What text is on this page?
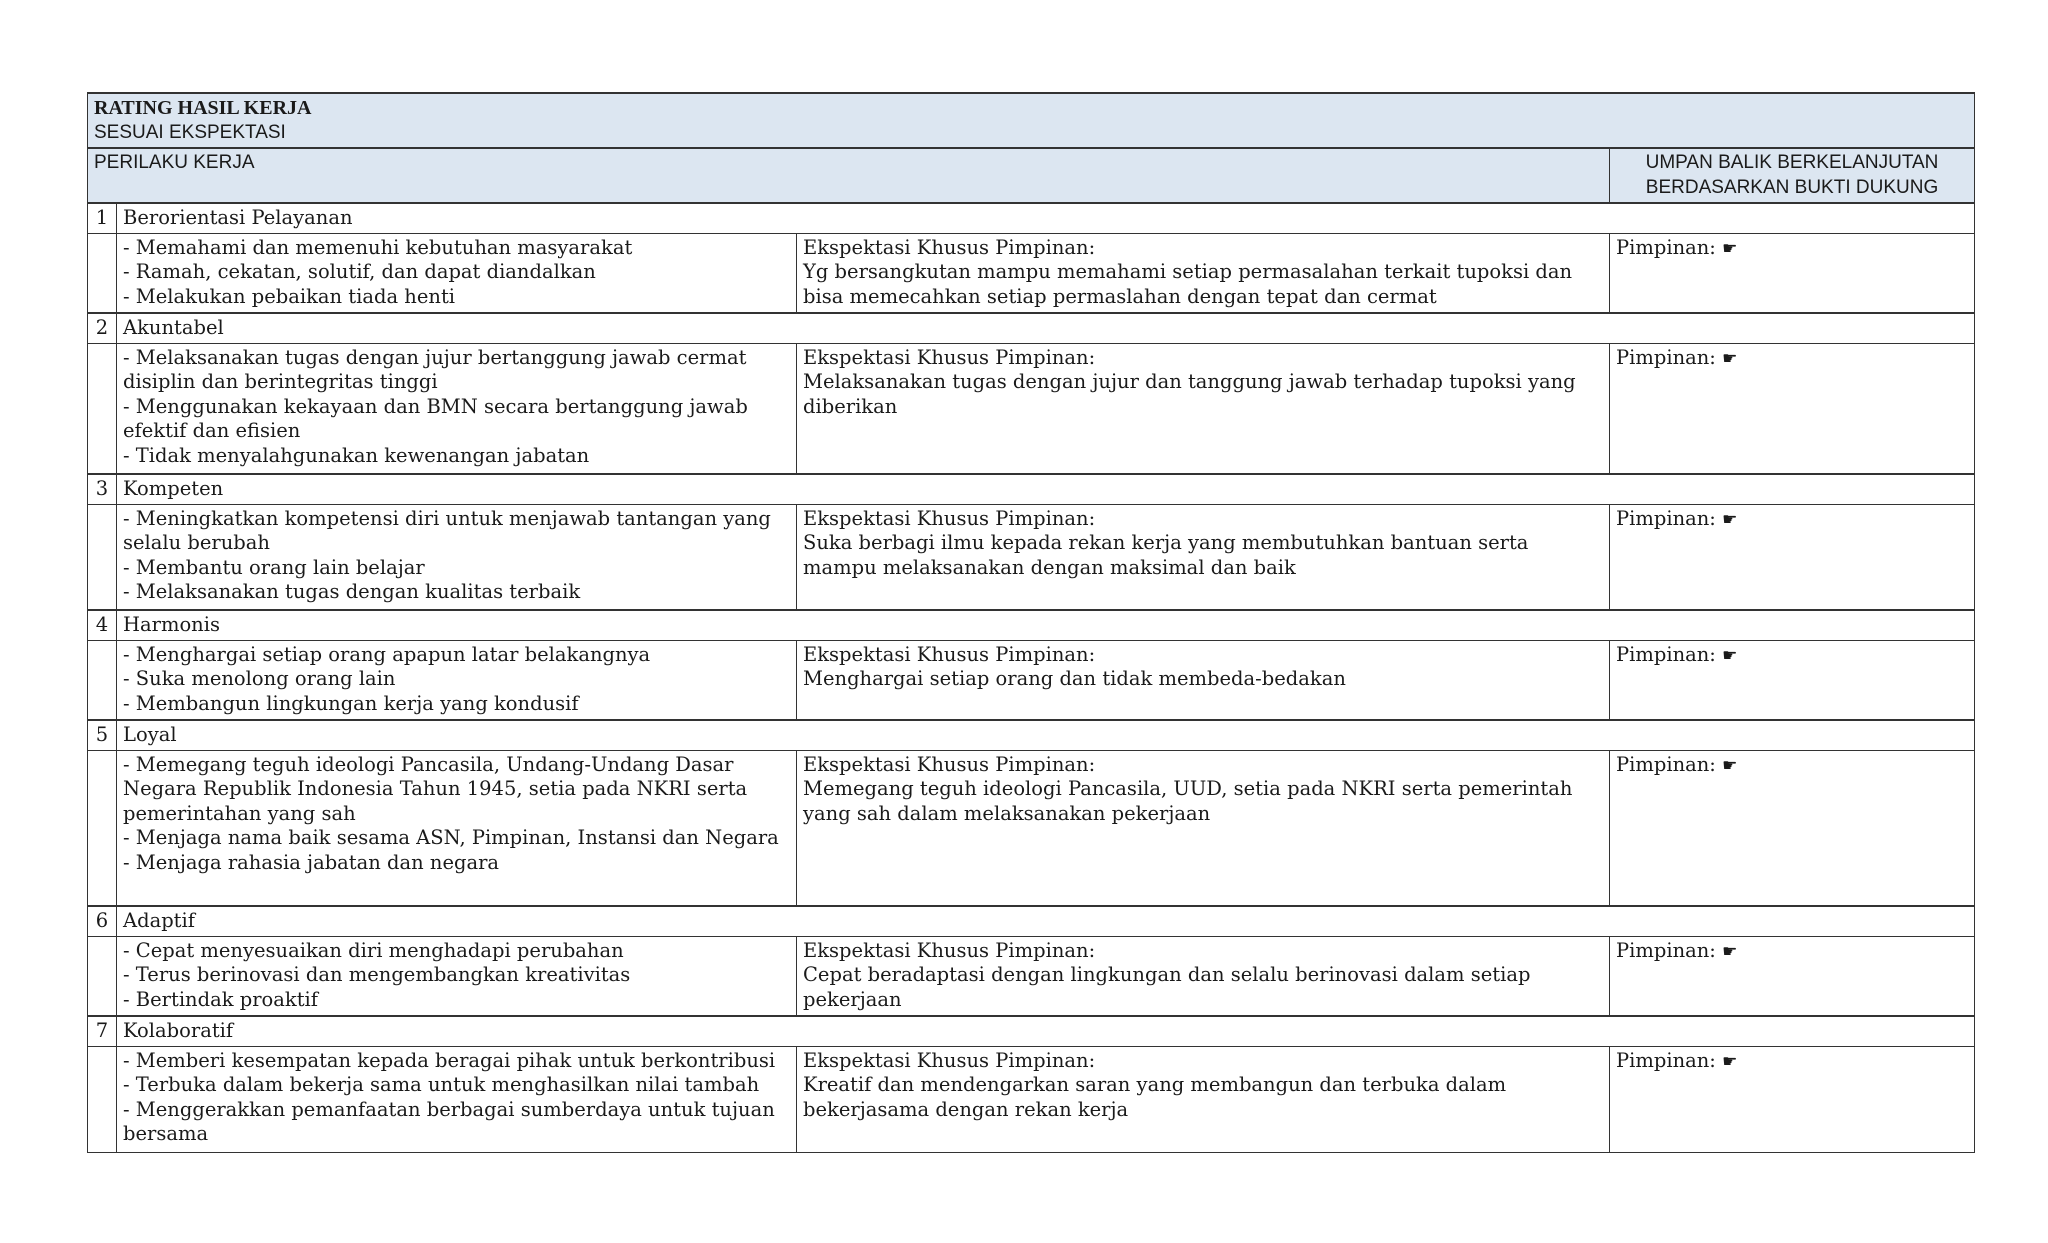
RATING HASIL KERJA
SESUAI EKSPEKTASI			

PERILAKU KERJA			UMPAN BALIK BERKELANJUTAN
BERDASARKAN BUKTI DUKUNG

1	Berorientasi Pelayanan		

	- Memahami dan memenuhi kebutuhan masyarakat
- Ramah, cekatan, solutif, dan dapat diandalkan
- Melakukan pebaikan tiada henti	Ekspektasi Khusus Pimpinan:
Yg bersangkutan mampu memahami setiap permasalahan terkait tupoksi dan bisa memecahkan setiap permaslahan dengan tepat dan cermat	Pimpinan: ☛
2	Akuntabel		

	- Melaksanakan tugas dengan jujur bertanggung jawab cermat disiplin dan berintegritas tinggi
- Menggunakan kekayaan dan BMN secara bertanggung jawab efektif dan efisien
- Tidak menyalahgunakan kewenangan jabatan	Ekspektasi Khusus Pimpinan:
Melaksanakan tugas dengan jujur dan tanggung jawab terhadap tupoksi yang diberikan	Pimpinan: ☛
3	Kompeten		

	- Meningkatkan kompetensi diri untuk menjawab tantangan yang selalu berubah
- Membantu orang lain belajar
- Melaksanakan tugas dengan kualitas terbaik	Ekspektasi Khusus Pimpinan:
Suka berbagi ilmu kepada rekan kerja yang membutuhkan bantuan serta mampu melaksanakan dengan maksimal dan baik	Pimpinan: ☛
4	Harmonis		

	- Menghargai setiap orang apapun latar belakangnya
- Suka menolong orang lain
- Membangun lingkungan kerja yang kondusif	Ekspektasi Khusus Pimpinan:
Menghargai setiap orang dan tidak membeda-bedakan	Pimpinan: ☛
5	Loyal		

	- Memegang teguh ideologi Pancasila, Undang-Undang Dasar Negara Republik Indonesia Tahun 1945, setia pada NKRI serta pemerintahan yang sah
- Menjaga nama baik sesama ASN, Pimpinan, Instansi dan Negara
- Menjaga rahasia jabatan dan negara	Ekspektasi Khusus Pimpinan:
Memegang teguh ideologi Pancasila, UUD, setia pada NKRI serta pemerintah yang sah dalam melaksanakan pekerjaan	Pimpinan: ☛
6	Adaptif		

	- Cepat menyesuaikan diri menghadapi perubahan
- Terus berinovasi dan mengembangkan kreativitas
- Bertindak proaktif	Ekspektasi Khusus Pimpinan:
Cepat beradaptasi dengan lingkungan dan selalu berinovasi dalam setiap pekerjaan	Pimpinan: ☛
7	Kolaboratif		

	- Memberi kesempatan kepada beragai pihak untuk berkontribusi
- Terbuka dalam bekerja sama untuk menghasilkan nilai tambah
- Menggerakkan pemanfaatan berbagai sumberdaya untuk tujuan bersama	Ekspektasi Khusus Pimpinan:
Kreatif dan mendengarkan saran yang membangun dan terbuka dalam bekerjasama dengan rekan kerja	Pimpinan: ☛
